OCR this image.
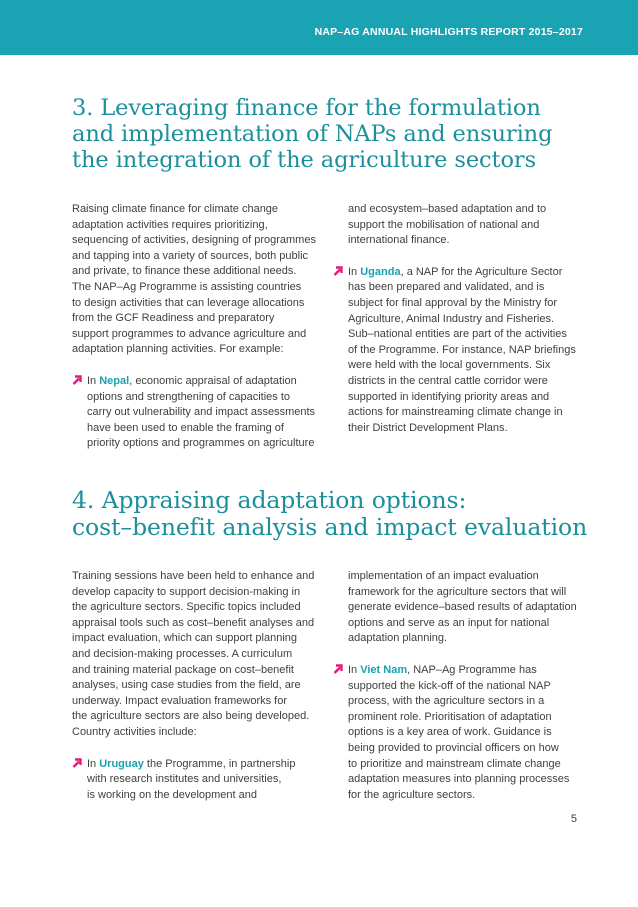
NAP–AG ANNUAL HIGHLIGHTS REPORT 2015–2017
3. Leveraging finance for the formulation
and implementation of NAPs and ensuring
the integration of the agriculture sectors
Raising climate finance for climate change
adaptation activities requires prioritizing,
sequencing of activities, designing of programmes
and tapping into a variety of sources, both public
and private, to finance these additional needs.
The NAP–Ag Programme is assisting countries
to design activities that can leverage allocations
from the GCF Readiness and preparatory
support programmes to advance agriculture and
adaptation planning activities. For example:
In Nepal, economic appraisal of adaptation
options and strengthening of capacities to
carry out vulnerability and impact assessments
have been used to enable the framing of
priority options and programmes on agriculture
and ecosystem–based adaptation and to
support the mobilisation of national and
international finance.
In Uganda, a NAP for the Agriculture Sector
has been prepared and validated, and is
subject for final approval by the Ministry for
Agriculture, Animal Industry and Fisheries.
Sub–national entities are part of the activities
of the Programme. For instance, NAP briefings
were held with the local governments. Six
districts in the central cattle corridor were
supported in identifying priority areas and
actions for mainstreaming climate change in
their District Development Plans.
4. Appraising adaptation options:
cost–benefit analysis and impact evaluation
Training sessions have been held to enhance and
develop capacity to support decision-making in
the agriculture sectors. Specific topics included
appraisal tools such as cost–benefit analyses and
impact evaluation, which can support planning
and decision-making processes. A curriculum
and training material package on cost–benefit
analyses, using case studies from the field, are
underway. Impact evaluation frameworks for
the agriculture sectors are also being developed.
Country activities include:
In Uruguay the Programme, in partnership
with research institutes and universities,
is working on the development and
implementation of an impact evaluation
framework for the agriculture sectors that will
generate evidence–based results of adaptation
options and serve as an input for national
adaptation planning.
In Viet Nam, NAP–Ag Programme has
supported the kick-off of the national NAP
process, with the agriculture sectors in a
prominent role. Prioritisation of adaptation
options is a key area of work. Guidance is
being provided to provincial officers on how
to prioritize and mainstream climate change
adaptation measures into planning processes
for the agriculture sectors.
5
